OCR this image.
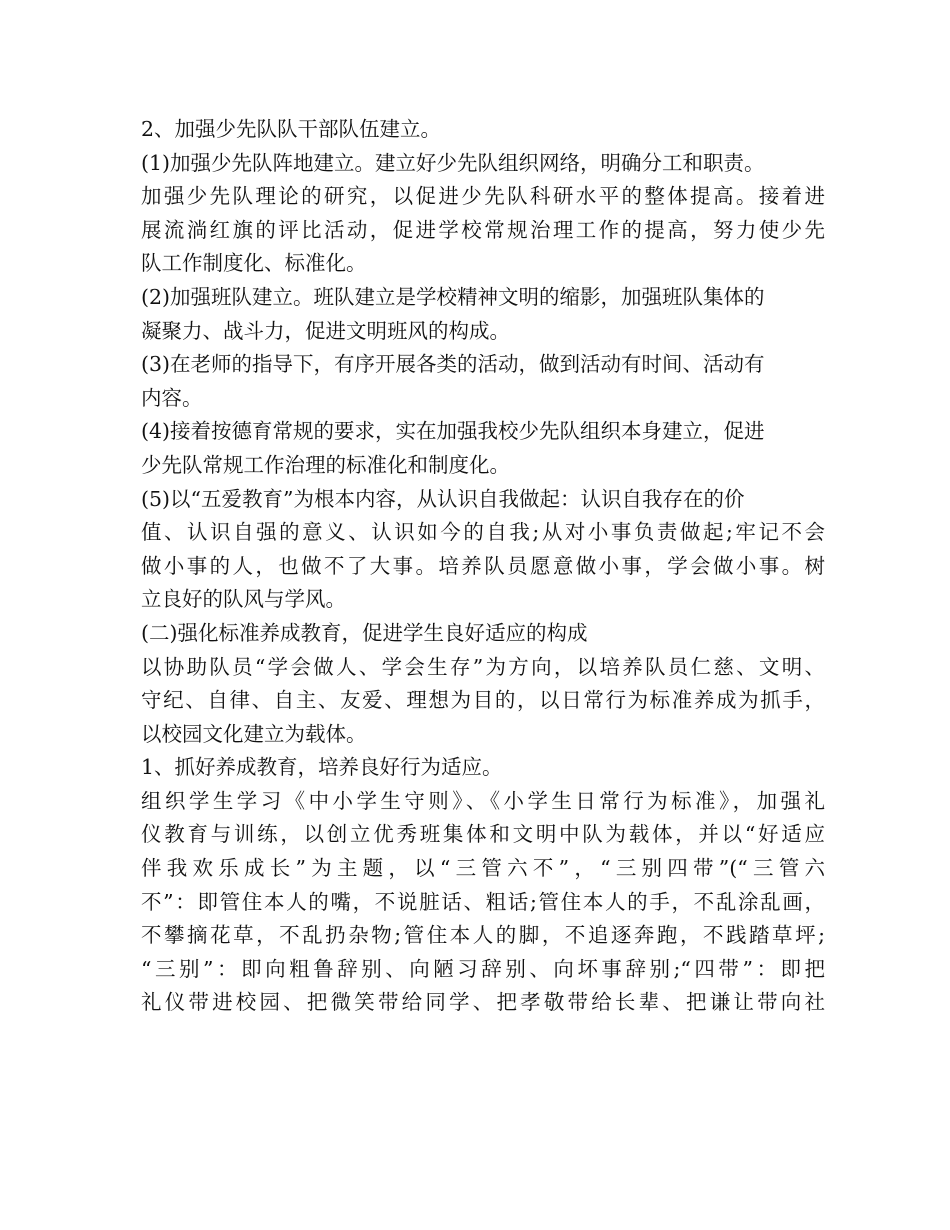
2、加强少先队队干部队伍建立。
(1)加强少先队阵地建立。建立好少先队组织网络，明确分工和职责。
加强少先队理论的研究，以促进少先队科研水平的整体提高。接着进
展流淌红旗的评比活动，促进学校常规治理工作的提高，努力使少先
队工作制度化、标准化。
(2)加强班队建立。班队建立是学校精神文明的缩影，加强班队集体的
凝聚力、战斗力，促进文明班风的构成。
(3)在老师的指导下，有序开展各类的活动，做到活动有时间、活动有
内容。
(4)接着按德育常规的要求，实在加强我校少先队组织本身建立，促进
少先队常规工作治理的标准化和制度化。
(5)以“五爱教育”为根本内容，从认识自我做起：认识自我存在的价
值、认识自强的意义、认识如今的自我;从对小事负责做起;牢记不会
做小事的人，也做不了大事。培养队员愿意做小事，学会做小事。树
立良好的队风与学风。
(二)强化标准养成教育，促进学生良好适应的构成
以协助队员“学会做人、学会生存”为方向，以培养队员仁慈、文明、
守纪、自律、自主、友爱、理想为目的，以日常行为标准养成为抓手，
以校园文化建立为载体。
1、抓好养成教育，培养良好行为适应。
组织学生学习《中小学生守则》、《小学生日常行为标准》，加强礼
仪教育与训练，以创立优秀班集体和文明中队为载体，并以“好适应
伴我欢乐成长”为主题，以“三管六不”，“三别四带”(“三管六
不”：即管住本人的嘴，不说脏话、粗话;管住本人的手，不乱涂乱画，
不攀摘花草，不乱扔杂物;管住本人的脚，不追逐奔跑，不践踏草坪;
“三别”：即向粗鲁辞别、向陋习辞别、向坏事辞别;“四带”：即把
礼仪带进校园、把微笑带给同学、把孝敬带给长辈、把谦让带向社
